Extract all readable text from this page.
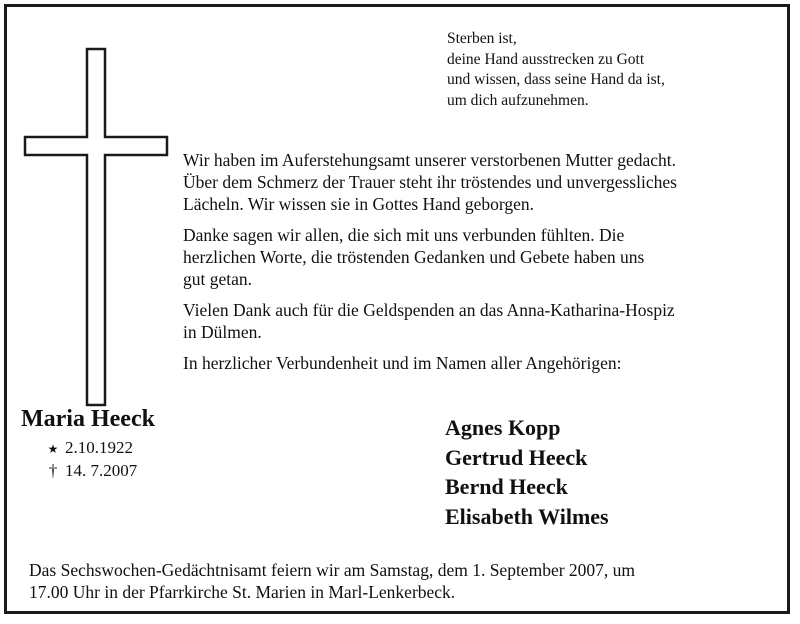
Sterben ist,
deine Hand ausstrecken zu Gott
und wissen, dass seine Hand da ist,
um dich aufzunehmen.

Wir haben im Auferstehungsamt unserer verstorbenen Mutter gedacht.
Über dem Schmerz der Trauer steht ihr tröstendes und unvergessliches
Lächeln. Wir wissen sie in Gottes Hand geborgen.

Danke sagen wir allen, die sich mit uns verbunden fühlten. Die
herzlichen Worte, die tröstenden Gedanken und Gebete haben uns
gut getan.

Vielen Dank auch für die Geldspenden an das Anna-Katharina-Hospiz
in Dülmen.

In herzlicher Verbundenheit und im Namen aller Angehörigen:

Maria Heeck
★ 2.10.1922
† 14. 7.2007
Agnes Kopp
Gertrud Heeck
Bernd Heeck
Elisabeth Wilmes
Das Sechswochen-Gedächtnisamt feiern wir am Samstag, dem 1. September 2007, um
17.00 Uhr in der Pfarrkirche St. Marien in Marl-Lenkerbeck.
